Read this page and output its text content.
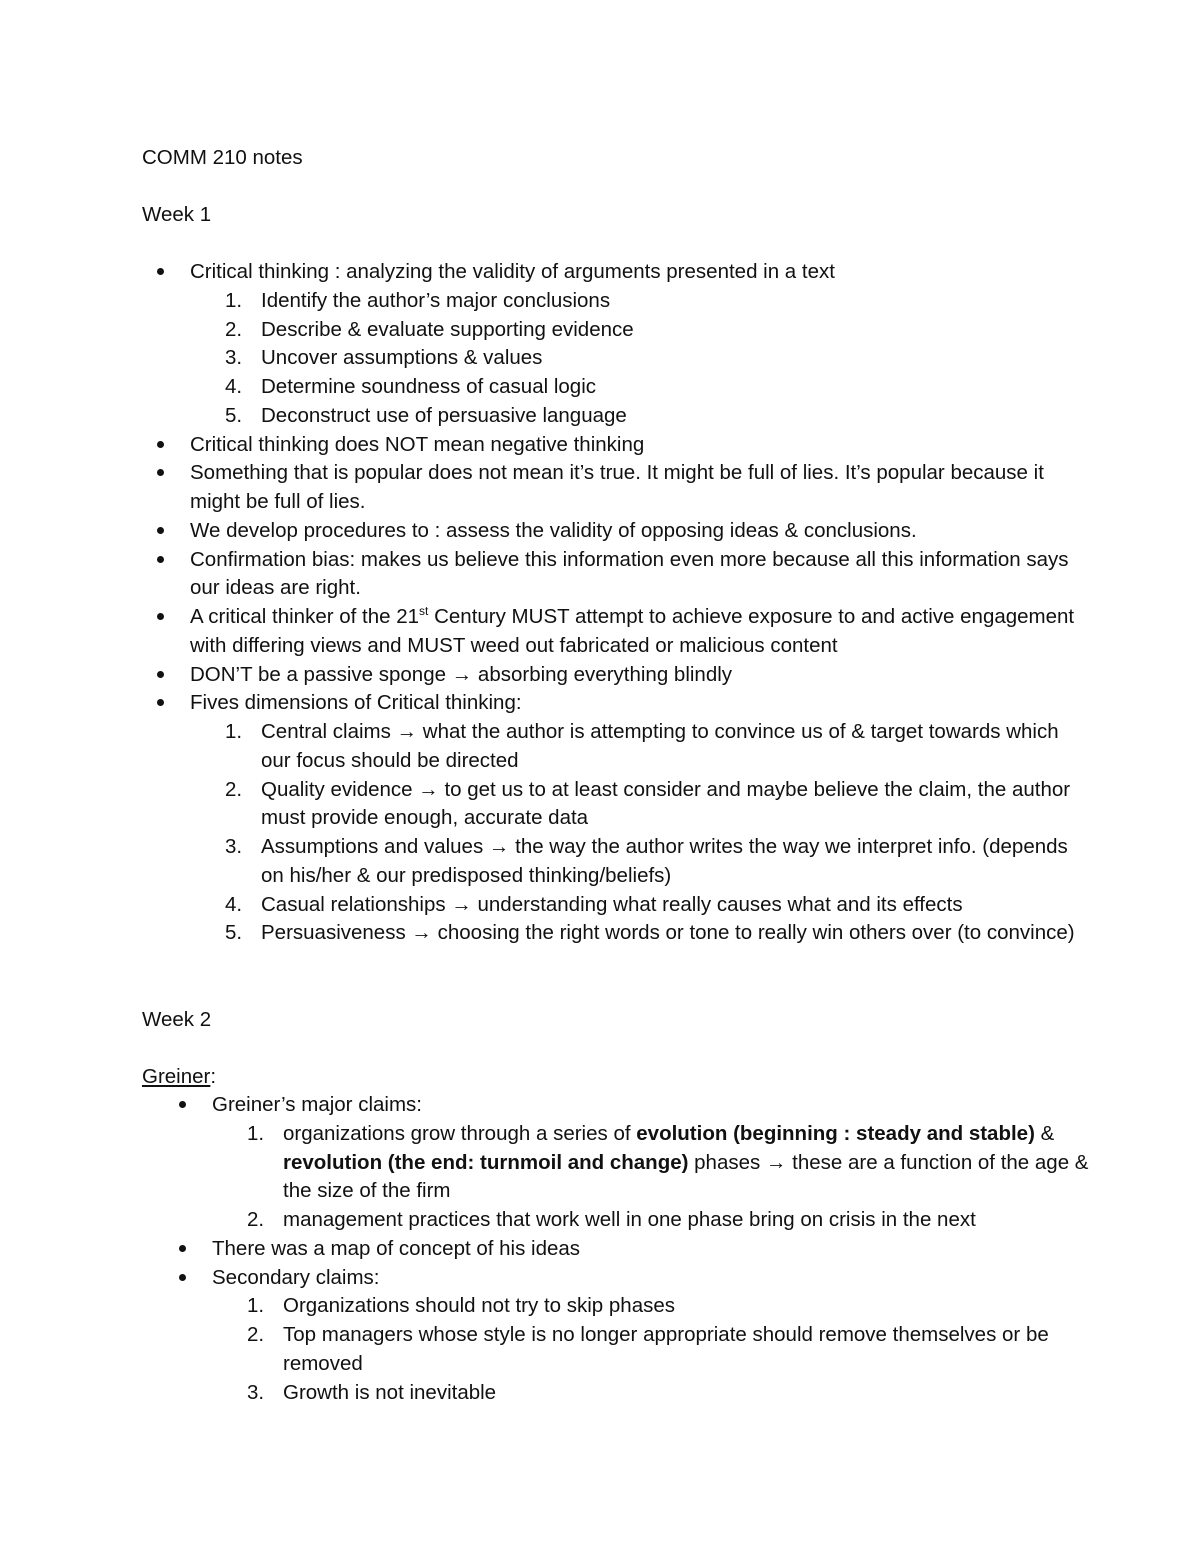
COMM 210 notes

Week 1

Critical thinking : analyzing the validity of arguments presented in a text
1. Identify the author’s major conclusions
2. Describe & evaluate supporting evidence
3. Uncover assumptions & values
4. Determine soundness of casual logic
5. Deconstruct use of persuasive language
Critical thinking does NOT mean negative thinking
Something that is popular does not mean it’s true. It might be full of lies. It’s popular because it might be full of lies.
We develop procedures to : assess the validity of opposing ideas & conclusions.
Confirmation bias: makes us believe this information even more because all this information says our ideas are right.
A critical thinker of the 21st Century MUST attempt to achieve exposure to and active engagement with differing views and MUST weed out fabricated or malicious content
DON’T be a passive sponge → absorbing everything blindly
Fives dimensions of Critical thinking:
1. Central claims → what the author is attempting to convince us of & target towards which our focus should be directed
2. Quality evidence → to get us to at least consider and maybe believe the claim, the author must provide enough, accurate data
3. Assumptions and values → the way the author writes the way we interpret info. (depends on his/her & our predisposed thinking/beliefs)
4. Casual relationships → understanding what really causes what and its effects
5. Persuasiveness → choosing the right words or tone to really win others over (to convince)

Week 2

Greiner:

Greiner’s major claims:
1. organizations grow through a series of evolution (beginning : steady and stable) & revolution (the end: turnmoil and change) phases → these are a function of the age & the size of the firm
2. management practices that work well in one phase bring on crisis in the next
There was a map of concept of his ideas
Secondary claims:
1. Organizations should not try to skip phases
2. Top managers whose style is no longer appropriate should remove themselves or be removed
3. Growth is not inevitable
